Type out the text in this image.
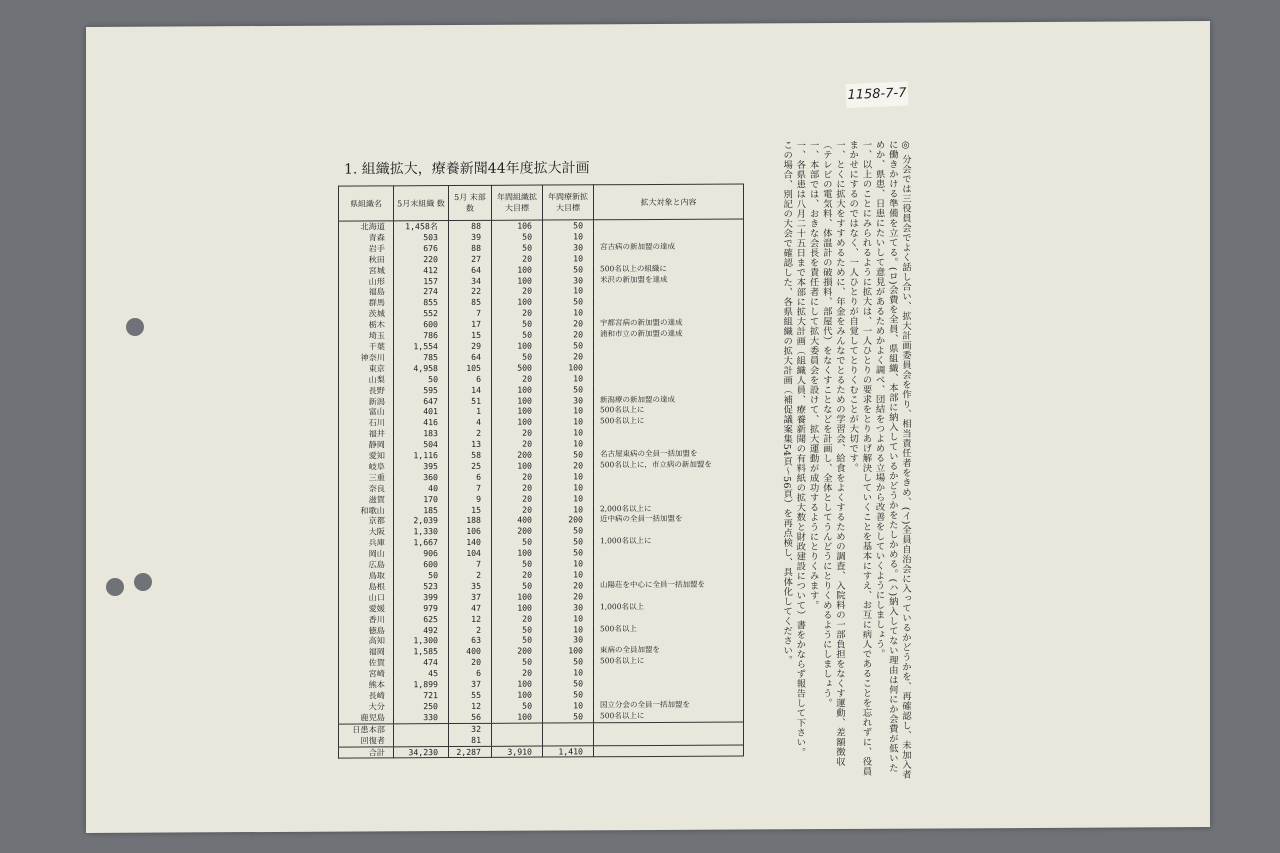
1158-7-7
1. 組織拡大，療養新聞44年度拡大計画
県組織名	5月末組織 数	5月 末部 数	年間組織拡大目標	年間療新拡大目標	拡大対象と内容
北海道	1,458名	88	106	50	
青森	503	39	50	10	
岩手	676	88	50	30	宮古病の新加盟の達成
秋田	220	27	20	10	
宮城	412	64	100	50	500名以上の組織に
山形	157	34	100	30	米沢の新加盟を達成
福島	274	22	20	10	
群馬	855	85	100	50	
茨城	552	7	20	10	
栃木	600	17	50	20	宇都宮病の新加盟の達成
埼玉	786	15	50	20	浦和市立の新加盟の達成
千葉	1,554	29	100	50	
神奈川	785	64	50	20	
東京	4,958	105	500	100	
山梨	50	6	20	10	
長野	595	14	100	50	
新潟	647	51	100	30	新潟療の新加盟の達成
富山	401	1	100	10	500名以上に
石川	416	4	100	10	500名以上に
福井	183	2	20	10	
静岡	504	13	20	10	
愛知	1,116	58	200	50	名古屋東病の全員一括加盟を
岐阜	395	25	100	20	500名以上に，市立病の新加盟を
三重	360	6	20	10	
奈良	40	7	20	10	
滋賀	170	9	20	10	
和歌山	185	15	20	10	2,000名以上に
京都	2,039	188	400	200	近中病の全員一括加盟を
大阪	1,330	106	200	50	
兵庫	1,667	140	50	50	1,000名以上に
岡山	906	104	100	50	
広島	600	7	50	10	
鳥取	50	2	20	10	
島根	523	35	50	20	山陽荘を中心に全員一括加盟を
山口	399	37	100	20	
愛媛	979	47	100	30	1,000名以上
香川	625	12	20	10	
徳島	492	2	50	10	500名以上
高知	1,300	63	50	30	
福岡	1,585	400	200	100	東病の全員加盟を
佐賀	474	20	50	50	500名以上に
宮崎	45	6	20	10	
熊本	1,899	37	100	50	
長崎	721	55	100	50	
大分	250	12	50	10	国立分会の全員一括加盟を
鹿児島	330	56	100	50	500名以上に
日患本部		32			
回復者		81			
合計	34,230	2,287	3,910	1,410		◎ 分会では三役員会でよく話し合い、拡大計画委員会を作り、相当責任者をきめ、(イ)全員自治会に入っているかどうかを、再確認し、未加入者に働きかける準備を立てる。(ロ)会費を全員、県組織、本部に納入しているかどうかをたしかめる。(ハ)納入してない理由は何にか会費が低いためか、県患、日患にたいして意見があるためかよく調べ、団結をつよめる立場から改善をしていくようにしましょう。

一、以上のことにみられるように拡大は、一人ひとりの要求をとりあげ解決していくことを基本にすえ、お互に病人であることを忘れずに、役員まかせにするのではなく、一人ひとりが自覚してとりくむことが大切です。

一、とくに拡大をすすめるために、年金をみんなでとるための学習会、給食をよくするための調査、入院料の一部負担をなくす運動、差額徴収（テレビの電気料、体温計の破損料、部屋代）をなくすことなどを計画し、全体としてうんどうにとりくめるようにしましょう。

一、本部では、おきな会長を責任者にして拡大委員会を設けて、拡大運動が成功するようにとりくみます。

一、各県患は八月二十五日まで本部に拡大計画（組織人員、療養新聞の有料紙の拡大数と財政建設について）書をかならず報告して下さい。

この場合、別記の大会で確認した、各県組織の拡大計画（補促議案集54頁〜56頁）を再点検し、具体化してください。
